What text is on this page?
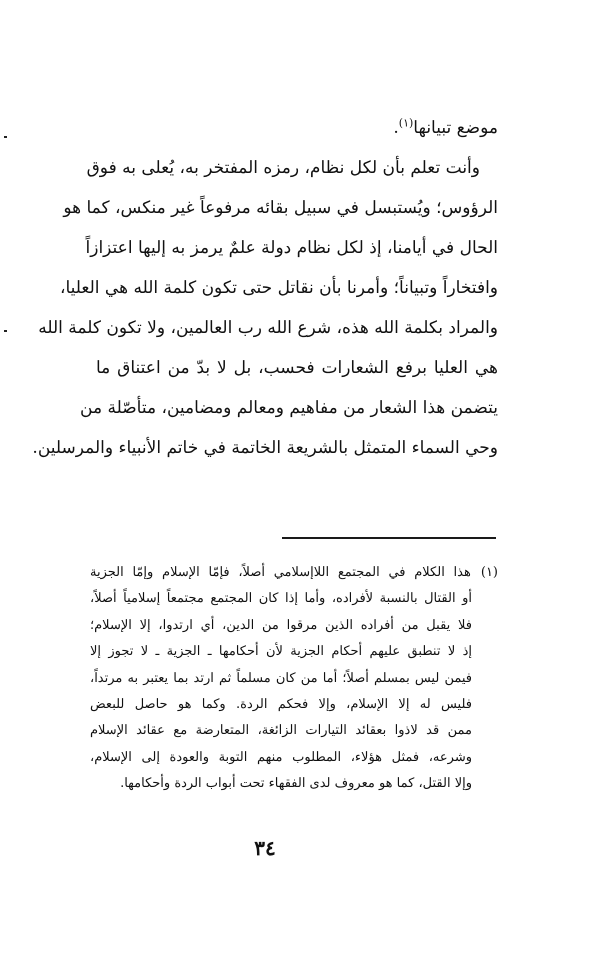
موضع تبيانها$^{(١)}$.
وأنت تعلم بأن لكل نظام، رمزه المفتخر به، يُعلى به فوق
الرؤوس؛ ويُستبسل في سبيل بقائه مرفوعاً غير منكس، كما هو
الحال في أيامنا، إذ لكل نظام دولة علمٌ يرمز به إليها اعتزازاً
وافتخاراً وتبياناً؛ وأمرنا بأن نقاتل حتى تكون كلمة الله هي العليا،
والمراد بكلمة الله هذه، شرع الله رب العالمين، ولا تكون كلمة الله
هي العليا برفع الشعارات فحسب، بل لا بدّ من اعتناق ما
يتضمن هذا الشعار من مفاهيم ومعالم ومضامين، متأصّلة من
وحي السماء المتمثل بالشريعة الخاتمة في خاتم الأنبياء والمرسلين.
(١)هذا الكلام في المجتمع اللاإسلامي أصلاً، فإمّا الإسلام وإمّا الجزية
أو القتال بالنسبة لأفراده، وأما إذا كان المجتمع مجتمعاً إسلامياً أصلاً،
فلا يقبل من أفراده الذين مرقوا من الدين، أي ارتدوا، إلا الإسلام؛
إذ لا تنطبق عليهم أحكام الجزية لأن أحكامها ـ الجزية ـ لا تجوز إلا
فيمن ليس بمسلم أصلاً؛ أما من كان مسلماً ثم ارتد بما يعتبر به مرتداً،
فليس له إلا الإسلام، وإلا فحكم الردة. وكما هو حاصل للبعض
ممن قد لاذوا بعقائد التيارات الزائغة، المتعارضة مع عقائد الإسلام
وشرعه، فمثل هؤلاء، المطلوب منهم التوبة والعودة إلى الإسلام،
وإلا القتل، كما هو معروف لدى الفقهاء تحت أبواب الردة وأحكامها.
٣٤
